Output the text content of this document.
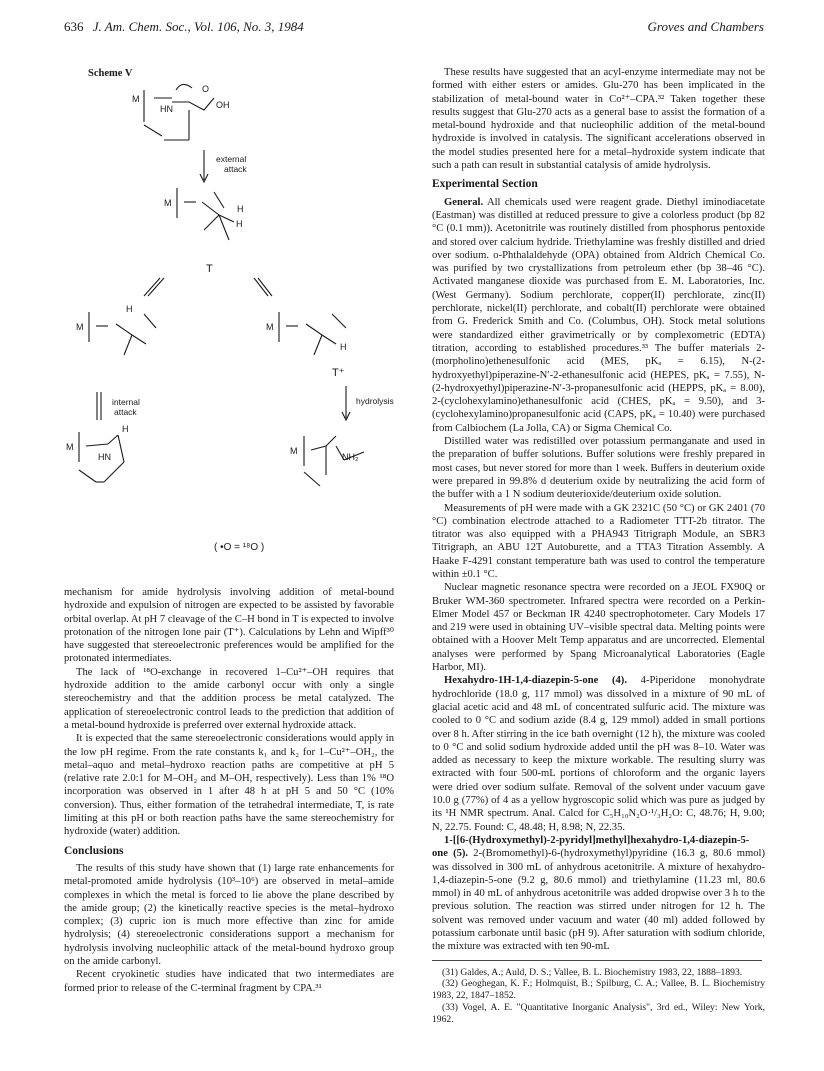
636 J. Am. Chem. Soc., Vol. 106, No. 3, 1984	Groves and Chambers
Scheme V
M
HN	OH
O
external
attack
M
H
H
T
M
H
M
H
T⁺
internal
attack
hydrolysis
M
HN
H
M
NH₂
( •O = ¹⁸O )

mechanism for amide hydrolysis involving addition of metal-bound hydroxide and expulsion of nitrogen are expected to be assisted by favorable orbital overlap. At pH 7 cleavage of the C–H bond in T is expected to involve protonation of the nitrogen lone pair (T⁺). Calculations by Lehn and Wipff³⁰ have suggested that stereoelectronic preferences would be amplified for the protonated intermediates.

The lack of ¹⁸O-exchange in recovered 1–Cu²⁺–OH requires that hydroxide addition to the amide carbonyl occur with only a single stereochemistry and that the addition process be metal catalyzed. The application of stereoelectronic control leads to the prediction that addition of a metal-bound hydroxide is preferred over external hydroxide attack.

It is expected that the same stereoelectronic considerations would apply in the low pH regime. From the rate constants k₁ and k₂ for 1–Cu²⁺–OH₂, the metal–aquo and metal–hydroxo reaction paths are competitive at pH 5 (relative rate 2.0:1 for M–OH₂ and M–OH, respectively). Less than 1% ¹⁸O incorporation was observed in 1 after 48 h at pH 5 and 50 °C (10% conversion). Thus, either formation of the tetrahedral intermediate, T, is rate limiting at this pH or both reaction paths have the same stereochemistry for hydroxide (water) addition.

Conclusions

The results of this study have shown that (1) large rate enhancements for metal-promoted amide hydrolysis (10³–10⁶) are observed in metal–amide complexes in which the metal is forced to lie above the plane described by the amide group; (2) the kinetically reactive species is the metal–hydroxo complex; (3) cupric ion is much more effective than zinc for amide hydrolysis; (4) stereoelectronic considerations support a mechanism for hydrolysis involving nucleophilic attack of the metal-bound hydroxo group on the amide carbonyl.

Recent cryokinetic studies have indicated that two intermediates are formed prior to release of the C-terminal fragment by CPA.³¹

These results have suggested that an acyl-enzyme intermediate may not be formed with either esters or amides. Glu-270 has been implicated in the stabilization of metal-bound water in Co²⁺–CPA.³² Taken together these results suggest that Glu-270 acts as a general base to assist the formation of a metal-bound hydroxide and that nucleophilic addition of the metal-bound hydroxide is involved in catalysis. The significant accelerations observed in the model studies presented here for a metal–hydroxide system indicate that such a path can result in substantial catalysis of amide hydrolysis.

Experimental Section

General. All chemicals used were reagent grade. Diethyl iminodiacetate (Eastman) was distilled at reduced pressure to give a colorless product (bp 82 °C (0.1 mm)). Acetonitrile was routinely distilled from phosphorus pentoxide and stored over calcium hydride. Triethylamine was freshly distilled and dried over sodium. o-Phthalaldehyde (OPA) obtained from Aldrich Chemical Co. was purified by two crystallizations from petroleum ether (bp 38–46 °C). Activated manganese dioxide was purchased from E. M. Laboratories, Inc. (West Germany). Sodium perchlorate, copper(II) perchlorate, zinc(II) perchlorate, nickel(II) perchlorate, and cobalt(II) perchlorate were obtained from G. Frederick Smith and Co. (Columbus, OH). Stock metal solutions were standardized either gravimetrically or by complexometric (EDTA) titration, according to established procedures.³³ The buffer materials 2-(morpholino)ethenesulfonic acid (MES, pKₐ = 6.15), N-(2-hydroxyethyl)piperazine-N′-2-ethanesulfonic acid (HEPES, pKₐ = 7.55), N-(2-hydroxyethyl)piperazine-N′-3-propanesulfonic acid (HEPPS, pKₐ = 8.00), 2-(cyclohexylamino)ethanesulfonic acid (CHES, pKₐ = 9.50), and 3-(cyclohexylamino)propanesulfonic acid (CAPS, pKₐ = 10.40) were purchased from Calbiochem (La Jolla, CA) or Sigma Chemical Co.

Distilled water was redistilled over potassium permanganate and used in the preparation of buffer solutions. Buffer solutions were freshly prepared in most cases, but never stored for more than 1 week. Buffers in deuterium oxide were prepared in 99.8% d deuterium oxide by neutralizing the acid form of the buffer with a 1 N sodium deuterioxide/deuterium oxide solution.

Measurements of pH were made with a GK 2321C (50 °C) or GK 2401 (70 °C) combination electrode attached to a Radiometer TTT-2b titrator. The titrator was also equipped with a PHA943 Titrigraph Module, an SBR3 Titrigraph, an ABU 12T Autoburette, and a TTA3 Titration Assembly. A Haake F-4291 constant temperature bath was used to control the temperature within ±0.1 °C.

Nuclear magnetic resonance spectra were recorded on a JEOL FX90Q or Bruker WM-360 spectrometer. Infrared spectra were recorded on a Perkin-Elmer Model 457 or Beckman IR 4240 spectrophotometer. Cary Models 17 and 219 were used in obtaining UV–visible spectral data. Melting points were obtained with a Hoover Melt Temp apparatus and are uncorrected. Elemental analyses were performed by Spang Microanalytical Laboratories (Eagle Harbor, MI).

Hexahydro-1H-1,4-diazepin-5-one (4). 4-Piperidone monohydrate hydrochloride (18.0 g, 117 mmol) was dissolved in a mixture of 90 mL of glacial acetic acid and 48 mL of concentrated sulfuric acid. The mixture was cooled to 0 °C and sodium azide (8.4 g, 129 mmol) added in small portions over 8 h. After stirring in the ice bath overnight (12 h), the mixture was cooled to 0 °C and solid sodium hydroxide added until the pH was 8–10. Water was added as necessary to keep the mixture workable. The resulting slurry was extracted with four 500-mL portions of chloroform and the organic layers were dried over sodium sulfate. Removal of the solvent under vacuum gave 10.0 g (77%) of 4 as a yellow hygroscopic solid which was pure as judged by its ¹H NMR spectrum. Anal. Calcd for C₅H₁₀N₂O·¹/₃H₂O: C, 48.76; H, 9.00; N, 22.75. Found: C, 48.48; H, 8.98; N, 22.35.

1-[[6-(Hydroxymethyl)-2-pyridyl]methyl]hexahydro-1,4-diazepin-5-one (5). 2-(Bromomethyl)-6-(hydroxymethyl)pyridine (16.3 g, 80.6 mmol) was dissolved in 300 mL of anhydrous acetonitrile. A mixture of hexahydro-1,4-diazepin-5-one (9.2 g, 80.6 mmol) and triethylamine (11.23 ml, 80.6 mmol) in 40 mL of anhydrous acetonitrile was added dropwise over 3 h to the previous solution. The reaction was stirred under nitrogen for 12 h. The solvent was removed under vacuum and water (40 ml) added followed by potassium carbonate until basic (pH 9). After saturation with sodium chloride, the mixture was extracted with ten 90-mL

(31) Galdes, A.; Auld, D. S.; Vallee, B. L. Biochemistry 1983, 22, 1888–1893.

(32) Geoghegan, K. F.; Holmquist, B.; Spilburg, C. A.; Vallee, B. L. Biochemistry 1983, 22, 1847–1852.

(33) Vogel, A. E. "Quantitative Inorganic Analysis", 3rd ed., Wiley: New York, 1962.
